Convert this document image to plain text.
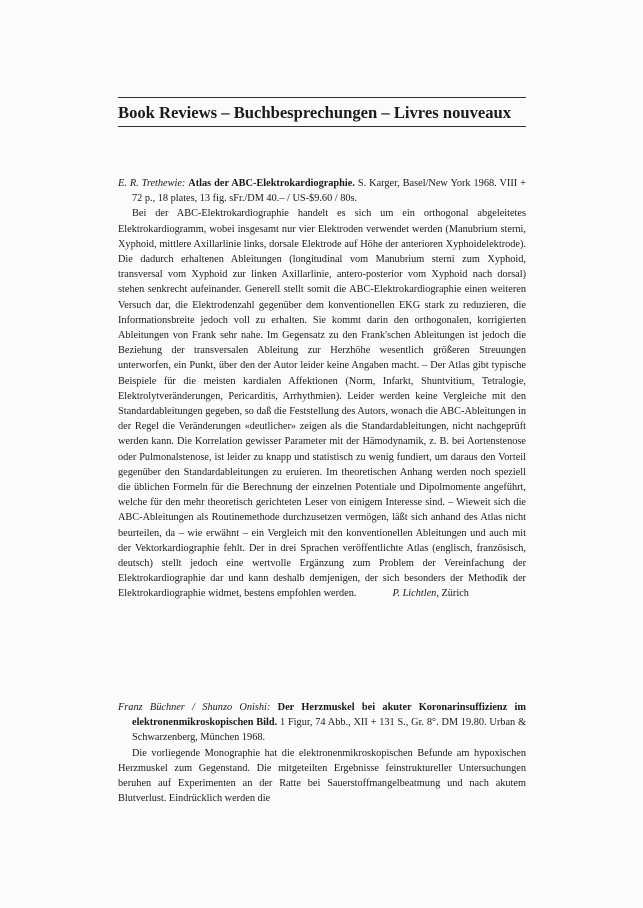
Book Reviews – Buchbesprechungen – Livres nouveaux

E. R. Trethewie: Atlas der ABC-Elektrokardiographie. S. Karger, Basel/New York 1968. VIII + 72 p., 18 plates, 13 fig. sFr./DM 40.– / US-$9.60 / 80s.

Bei der ABC-Elektrokardiographie handelt es sich um ein orthogonal abgeleitetes Elektrokardiogramm, wobei insgesamt nur vier Elektroden verwendet werden (Manubrium sterni, Xyphoid, mittlere Axillarlinie links, dorsale Elektrode auf Höhe der anterioren Xyphoidelektrode). Die dadurch erhaltenen Ableitungen (longitudinal vom Manubrium sterni zum Xyphoid, transversal vom Xyphoid zur linken Axillarlinie, antero-posterior vom Xyphoid nach dorsal) stehen senkrecht aufeinander. Generell stellt somit die ABC-Elektrokardiographie einen weiteren Versuch dar, die Elektrodenzahl gegenüber dem konventionellen EKG stark zu reduzieren, die Informationsbreite jedoch voll zu erhalten. Sie kommt darin den orthogonalen, korrigierten Ableitungen von Frank sehr nahe. Im Gegensatz zu den Frank'schen Ableitungen ist jedoch die Beziehung der transversalen Ableitung zur Herzhöhe wesentlich größeren Streuungen unterworfen, ein Punkt, über den der Autor leider keine Angaben macht. – Der Atlas gibt typische Beispiele für die meisten kardialen Affektionen (Norm, Infarkt, Shuntvitium, Tetralogie, Elektrolytveränderungen, Pericarditis, Arrhythmien). Leider werden keine Vergleiche mit den Standardableitungen gegeben, so daß die Feststellung des Autors, wonach die ABC-Ableitungen in der Regel die Veränderungen «deutlicher» zeigen als die Standardableitungen, nicht nachgeprüft werden kann. Die Korrelation gewisser Parameter mit der Hämodynamik, z. B. bei Aortenstenose oder Pulmonalstenose, ist leider zu knapp und statistisch zu wenig fundiert, um daraus den Vorteil gegenüber den Standardableitungen zu eruieren. Im theoretischen Anhang werden noch speziell die üblichen Formeln für die Berechnung der einzelnen Potentiale und Dipolmomente angeführt, welche für den mehr theoretisch gerichteten Leser von einigem Interesse sind. – Wieweit sich die ABC-Ableitungen als Routinemethode durchzusetzen vermögen, läßt sich anhand des Atlas nicht beurteilen, da – wie erwähnt – ein Vergleich mit den konventionellen Ableitungen und auch mit der Vektorkardiographie fehlt. Der in drei Sprachen veröffentlichte Atlas (englisch, französisch, deutsch) stellt jedoch eine wertvolle Ergänzung zum Problem der Vereinfachung der Elektrokardiographie dar und kann deshalb demjenigen, der sich besonders der Methodik der Elektrokardiographie widmet, bestens empfohlen werden.	P. Lichtlen, Zürich

Franz Büchner / Shunzo Onishi: Der Herzmuskel bei akuter Koronarinsuffizienz im elektronenmikroskopischen Bild. 1 Figur, 74 Abb., XII + 131 S., Gr. 8°. DM 19.80. Urban & Schwarzenberg, München 1968.

Die vorliegende Monographie hat die elektronenmikroskopischen Befunde am hypoxischen Herzmuskel zum Gegenstand. Die mitgeteilten Ergebnisse feinstruktureller Untersuchungen beruhen auf Experimenten an der Ratte bei Sauerstoffmangelbeatmung und nach akutem Blutverlust. Eindrücklich werden die
